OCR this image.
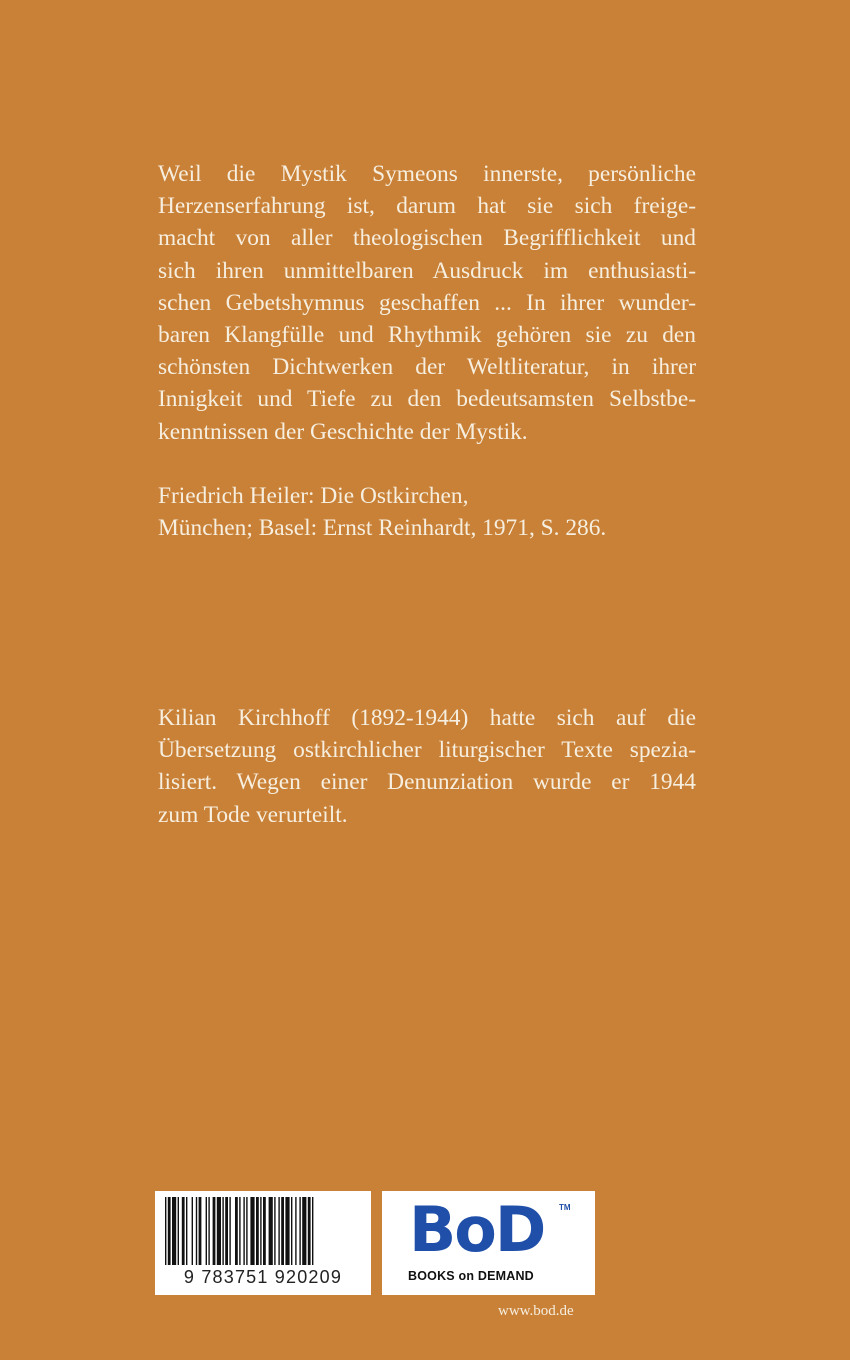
Weil die Mystik Symeons innerste, persönliche
Herzenserfahrung ist, darum hat sie sich freige-
macht von aller theologischen Begrifflichkeit und
sich ihren unmittelbaren Ausdruck im enthusiasti-
schen Gebetshymnus geschaffen ... In ihrer wunder-
baren Klangfülle und Rhythmik gehören sie zu den
schönsten Dichtwerken der Weltliteratur, in ihrer
Innigkeit und Tiefe zu den bedeutsamsten Selbstbe-
kenntnissen der Geschichte der Mystik.
Friedrich Heiler: Die Ostkirchen,
München; Basel: Ernst Reinhardt, 1971, S. 286.
Kilian Kirchhoff (1892-1944) hatte sich auf die
Übersetzung ostkirchlicher liturgischer Texte spezia-
lisiert. Wegen einer Denunziation wurde er 1944
zum Tode verurteilt.
9 783751 920209
BoD TM
BOOKS on DEMAND
www.bod.de
